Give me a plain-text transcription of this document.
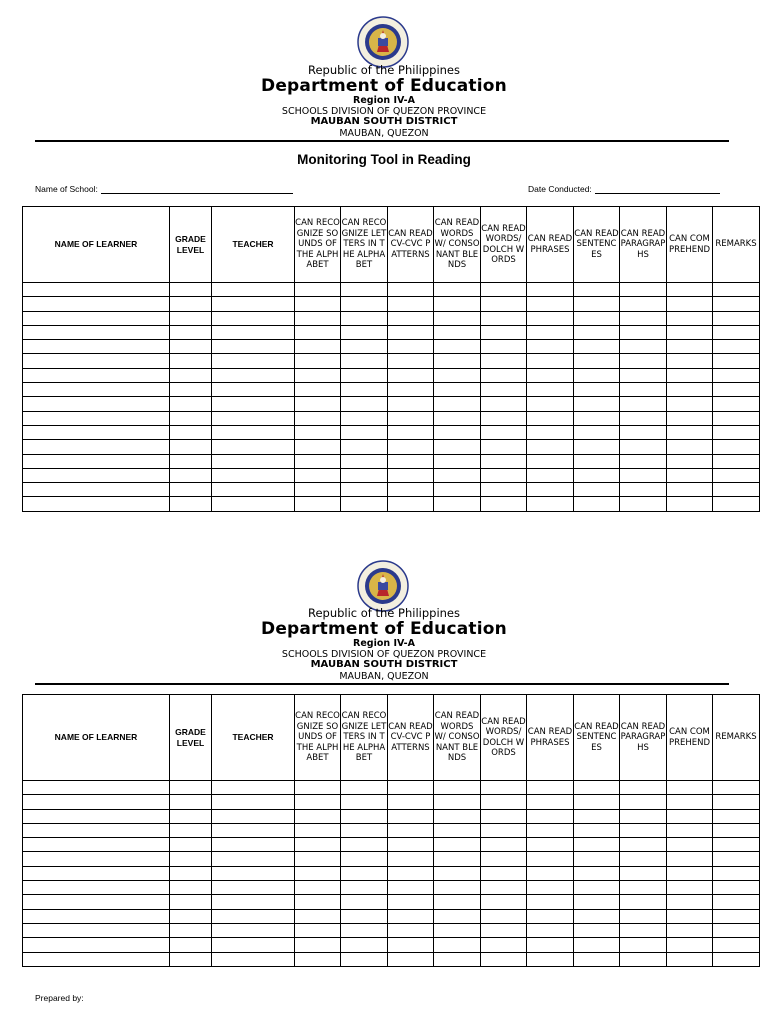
Republic of the Philippines
Department of Education
Region IV-A
SCHOOLS DIVISION OF QUEZON PROVINCE
MAUBAN SOUTH DISTRICT
MAUBAN, QUEZON
Monitoring Tool in Reading
Name of School:	Date Conducted:
NAME OF LEARNER	GRADE LEVEL	TEACHER	CAN RECOGNIZE SOUNDS OF THE ALPHABET	CAN RECOGNIZE LETTERS IN THE ALPHABET	CAN READ CV-CVC PATTERNS	CAN READ WORDS W/ CONSONANT BLENDS	CAN READ WORDS/ DOLCH WORDS	CAN READ PHRASES	CAN READ SENTENCES	CAN READ PARAGRAPHS	CAN COMPREHEND	REMARKS

Republic of the Philippines
Department of Education
Region IV-A
SCHOOLS DIVISION OF QUEZON PROVINCE
MAUBAN SOUTH DISTRICT
MAUBAN, QUEZON
NAME OF LEARNER	GRADE LEVEL	TEACHER	CAN RECOGNIZE SOUNDS OF THE ALPHABET	CAN RECOGNIZE LETTERS IN THE ALPHABET	CAN READ CV-CVC PATTERNS	CAN READ WORDS W/ CONSONANT BLENDS	CAN READ WORDS/ DOLCH WORDS	CAN READ PHRASES	CAN READ SENTENCES	CAN READ PARAGRAPHS	CAN COMPREHEND	REMARKS

Prepared by:
